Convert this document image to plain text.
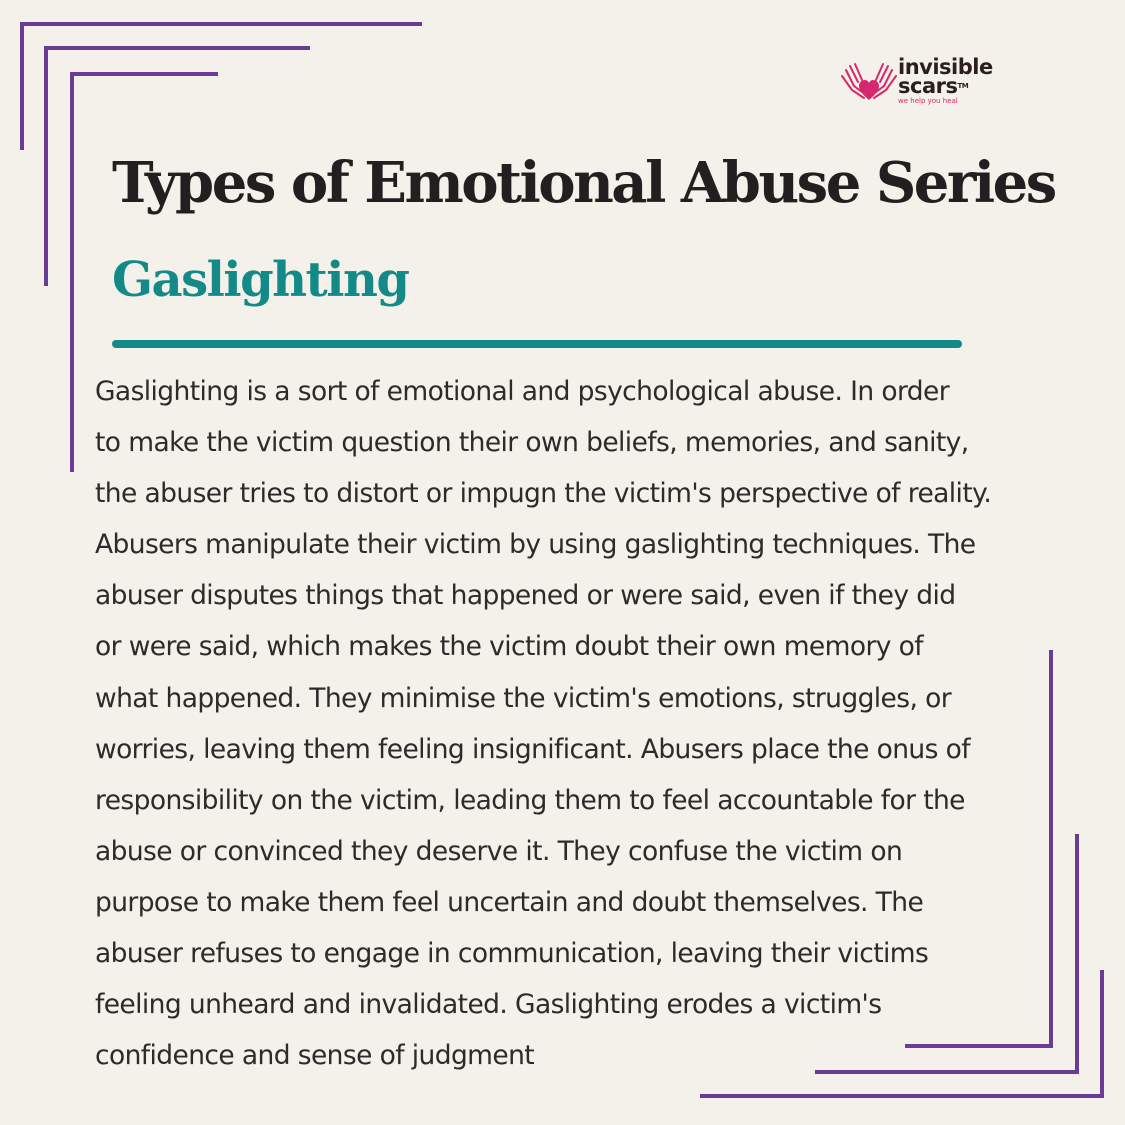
invisible
scars™
we help you heal
Types of Emotional Abuse Series
Gaslighting

Gaslighting is a sort of emotional and psychological abuse. In order
to make the victim question their own beliefs, memories, and sanity,
the abuser tries to distort or impugn the victim's perspective of reality.
Abusers manipulate their victim by using gaslighting techniques. The
abuser disputes things that happened or were said, even if they did
or were said, which makes the victim doubt their own memory of
what happened. They minimise the victim's emotions, struggles, or
worries, leaving them feeling insignificant. Abusers place the onus of
responsibility on the victim, leading them to feel accountable for the
abuse or convinced they deserve it. They confuse the victim on
purpose to make them feel uncertain and doubt themselves. The
abuser refuses to engage in communication, leaving their victims
feeling unheard and invalidated. Gaslighting erodes a victim's
confidence and sense of judgment
